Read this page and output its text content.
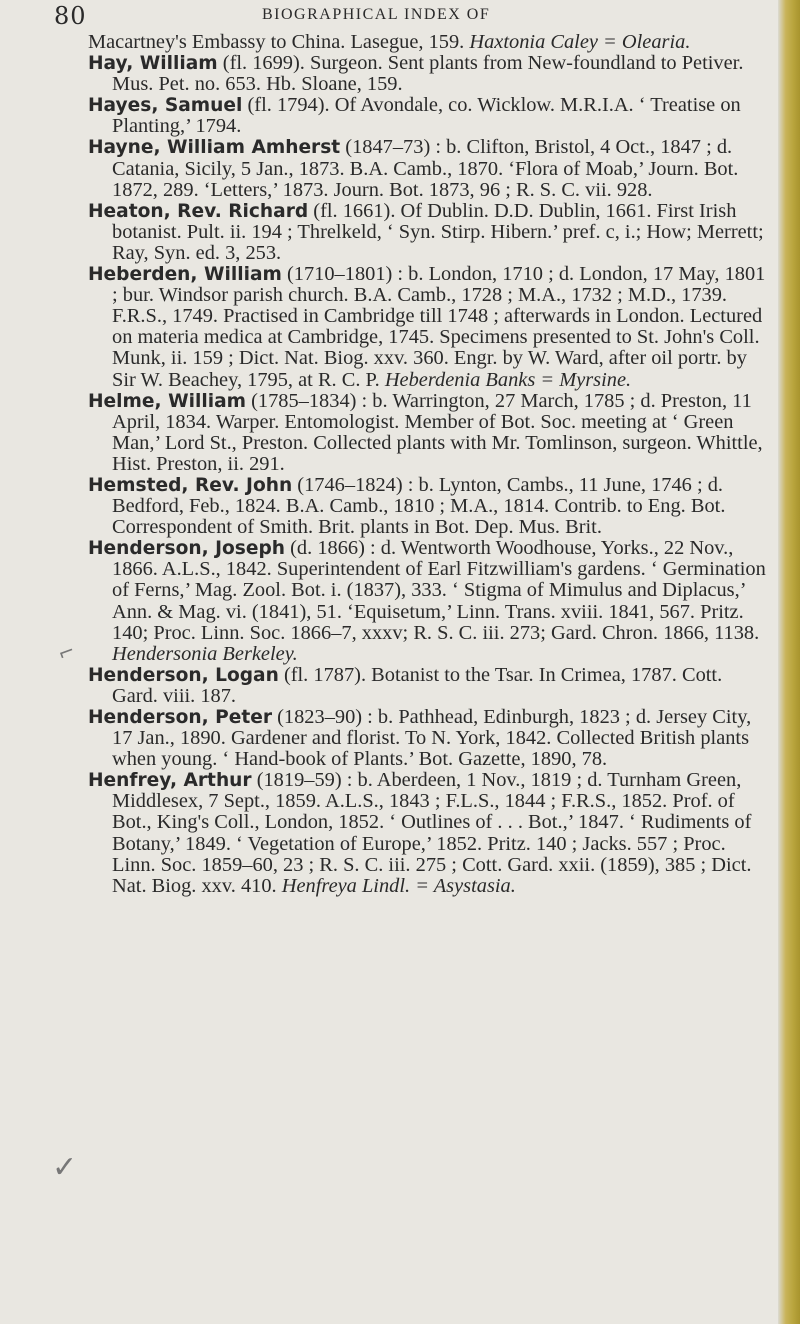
80	BIOGRAPHICAL INDEX OF
⌐
✓

Macartney's Embassy to China. Lasegue, 159. Haxtonia Caley = Olearia.

Hay, William (fl. 1699). Surgeon. Sent plants from New-foundland to Petiver. Mus. Pet. no. 653. Hb. Sloane, 159.

Hayes, Samuel (fl. 1794). Of Avondale, co. Wicklow. M.R.I.A. ‘ Treatise on Planting,’ 1794.

Hayne, William Amherst (1847–73) : b. Clifton, Bristol, 4 Oct., 1847 ; d. Catania, Sicily, 5 Jan., 1873. B.A. Camb., 1870. ‘Flora of Moab,’ Journ. Bot. 1872, 289. ‘Letters,’ 1873. Journ. Bot. 1873, 96 ; R. S. C. vii. 928.

Heaton, Rev. Richard (fl. 1661). Of Dublin. D.D. Dublin, 1661. First Irish botanist. Pult. ii. 194 ; Threlkeld, ‘ Syn. Stirp. Hibern.’ pref. c, i.; How; Merrett; Ray, Syn. ed. 3, 253.

Heberden, William (1710–1801) : b. London, 1710 ; d. London, 17 May, 1801 ; bur. Windsor parish church. B.A. Camb., 1728 ; M.A., 1732 ; M.D., 1739. F.R.S., 1749. Practised in Cambridge till 1748 ; afterwards in London. Lectured on materia medica at Cambridge, 1745. Specimens presented to St. John's Coll. Munk, ii. 159 ; Dict. Nat. Biog. xxv. 360. Engr. by W. Ward, after oil portr. by Sir W. Beachey, 1795, at R. C. P. Heberdenia Banks = Myrsine.

Helme, William (1785–1834) : b. Warrington, 27 March, 1785 ; d. Preston, 11 April, 1834. Warper. Entomologist. Member of Bot. Soc. meeting at ‘ Green Man,’ Lord St., Preston. Collected plants with Mr. Tomlinson, surgeon. Whittle, Hist. Preston, ii. 291.

Hemsted, Rev. John (1746–1824) : b. Lynton, Cambs., 11 June, 1746 ; d. Bedford, Feb., 1824. B.A. Camb., 1810 ; M.A., 1814. Contrib. to Eng. Bot. Correspondent of Smith. Brit. plants in Bot. Dep. Mus. Brit.

Henderson, Joseph (d. 1866) : d. Wentworth Woodhouse, Yorks., 22 Nov., 1866. A.L.S., 1842. Superintendent of Earl Fitzwilliam's gardens. ‘ Germination of Ferns,’ Mag. Zool. Bot. i. (1837), 333. ‘ Stigma of Mimulus and Diplacus,’ Ann. & Mag. vi. (1841), 51. ‘Equisetum,’ Linn. Trans. xviii. 1841, 567. Pritz. 140; Proc. Linn. Soc. 1866–7, xxxv; R. S. C. iii. 273; Gard. Chron. 1866, 1138. Hendersonia Berkeley.

Henderson, Logan (fl. 1787). Botanist to the Tsar. In Crimea, 1787. Cott. Gard. viii. 187.

Henderson, Peter (1823–90) : b. Pathhead, Edinburgh, 1823 ; d. Jersey City, 17 Jan., 1890. Gardener and florist. To N. York, 1842. Collected British plants when young. ‘ Hand-book of Plants.’ Bot. Gazette, 1890, 78.

Henfrey, Arthur (1819–59) : b. Aberdeen, 1 Nov., 1819 ; d. Turnham Green, Middlesex, 7 Sept., 1859. A.L.S., 1843 ; F.L.S., 1844 ; F.R.S., 1852. Prof. of Bot., King's Coll., London, 1852. ‘ Outlines of . . . Bot.,’ 1847. ‘ Rudiments of Botany,’ 1849. ‘ Vegetation of Europe,’ 1852. Pritz. 140 ; Jacks. 557 ; Proc. Linn. Soc. 1859–60, 23 ; R. S. C. iii. 275 ; Cott. Gard. xxii. (1859), 385 ; Dict. Nat. Biog. xxv. 410. Henfreya Lindl. = Asystasia.
